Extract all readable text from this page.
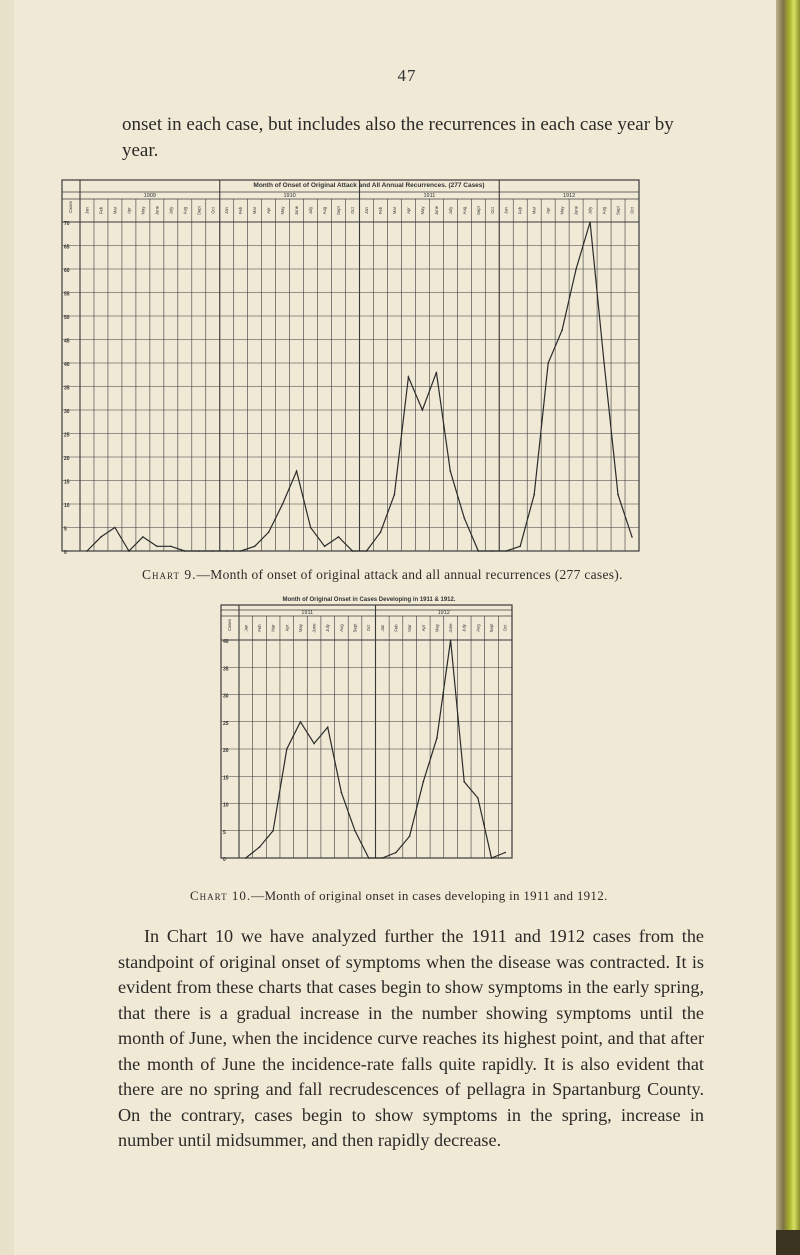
47
onset in each case, but includes also the recurrences in each case year by year.
1909	1910	1911	1912
Jan Feb Mar Apr May June July Aug Sept Oct Jan Feb Mar Apr May June July Aug Sept Oct Jan Feb Mar Apr May June July Aug Sept Oct Jan Feb Mar Apr May June July Aug Sept Oct
70
65
60
55
50
45
40
35
30
25
20
15
10
5
0
Cases
Month of Onset of Original Attack and All Annual Recurrences. (277 Cases)
Chart 9.—Month of onset of original attack and all annual recurrences (277 cases).
1911	1912
Jan Feb Mar Apr May June July Aug Sept Oct Jan Feb Mar Apr May June July Aug Sept Oct
40
35
30
25
20
15
10
5
0
Cases
Month of Original Onset in Cases Developing in 1911 & 1912.
Chart 10.—Month of original onset in cases developing in 1911 and 1912.
In Chart 10 we have analyzed further the 1911 and 1912 cases from the standpoint of original onset of symptoms when the disease was contracted. It is evident from these charts that cases begin to show symptoms in the early spring, that there is a gradual increase in the number showing symptoms until the month of June, when the incidence curve reaches its highest point, and that after the month of June the incidence-rate falls quite rapidly. It is also evident that there are no spring and fall recrudescences of pellagra in Spartanburg County. On the contrary, cases begin to show symptoms in the spring, increase in number until midsummer, and then rapidly decrease.
